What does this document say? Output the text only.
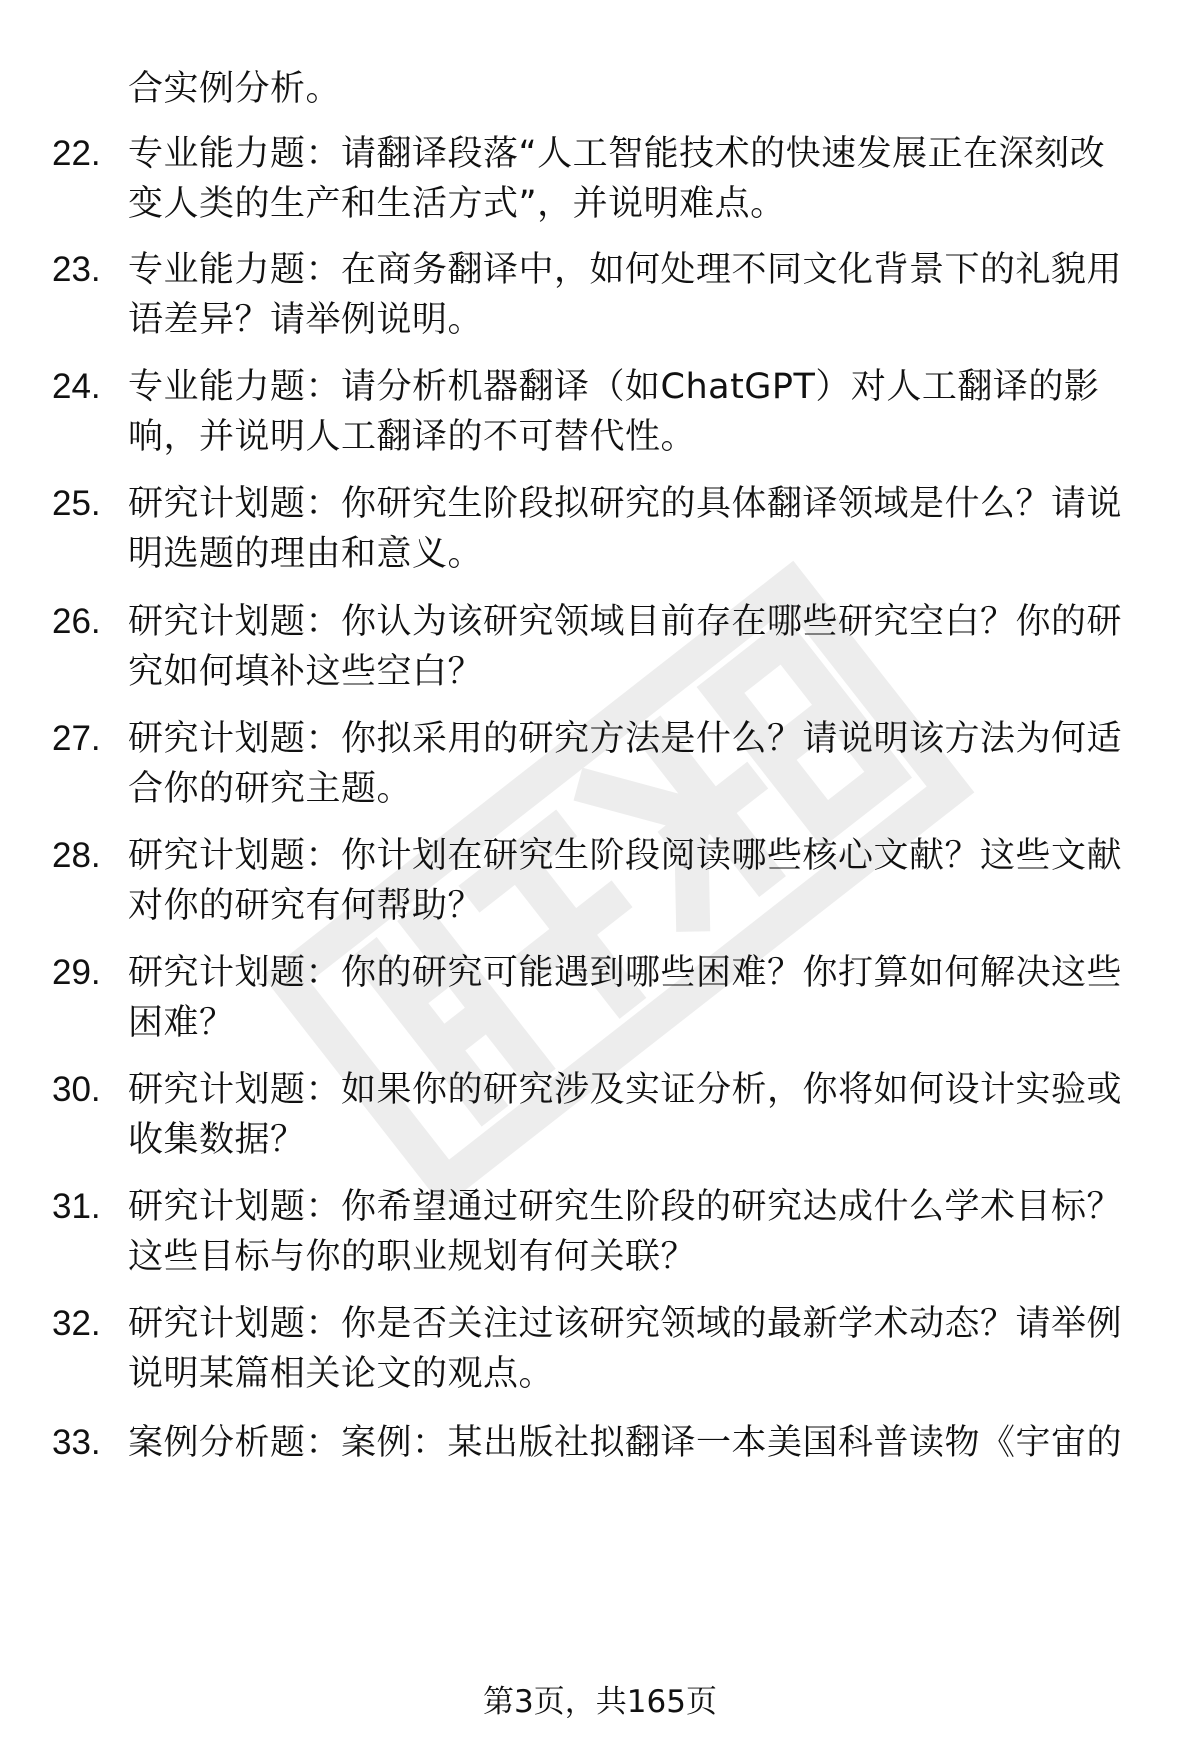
合实例分析。

22. 专业能力题：请翻译段落“人工智能技术的快速发展正在深刻改变人类的生产和生活方式”，并说明难点。

23. 专业能力题：在商务翻译中，如何处理不同文化背景下的礼貌用语差异？请举例说明。

24. 专业能力题：请分析机器翻译（如ChatGPT）对人工翻译的影响，并说明人工翻译的不可替代性。

25. 研究计划题：你研究生阶段拟研究的具体翻译领域是什么？请说明选题的理由和意义。

26. 研究计划题：你认为该研究领域目前存在哪些研究空白？你的研究如何填补这些空白？

27. 研究计划题：你拟采用的研究方法是什么？请说明该方法为何适合你的研究主题。

28. 研究计划题：你计划在研究生阶段阅读哪些核心文献？这些文献对你的研究有何帮助？

29. 研究计划题：你的研究可能遇到哪些困难？你打算如何解决这些困难？

30. 研究计划题：如果你的研究涉及实证分析，你将如何设计实验或收集数据？

31. 研究计划题：你希望通过研究生阶段的研究达成什么学术目标？这些目标与你的职业规划有何关联？

32. 研究计划题：你是否关注过该研究领域的最新学术动态？请举例说明某篇相关论文的观点。

33. 案例分析题：案例：某出版社拟翻译一本美国科普读物《宇宙的

第3页，共165页
